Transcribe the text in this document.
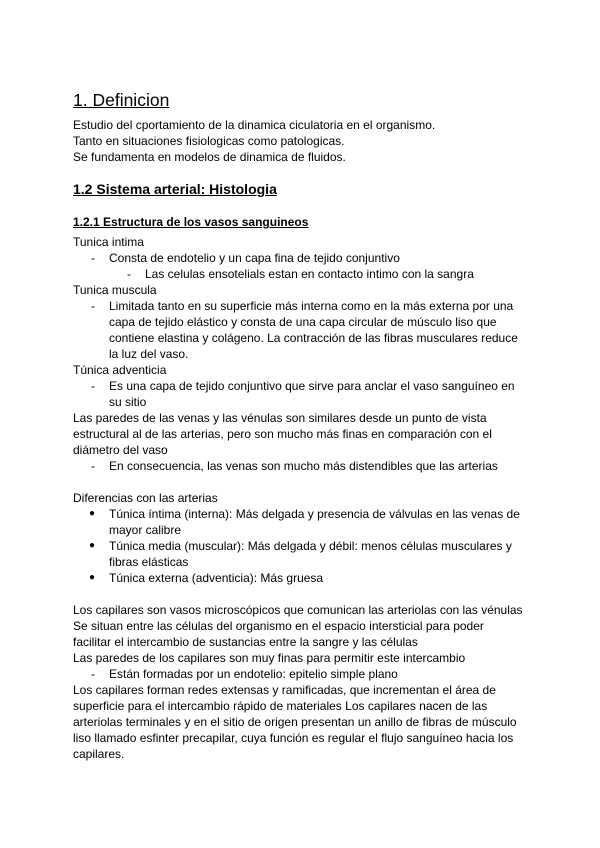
1. Definicion
Estudio del cportamiento de la dinamica ciculatoria en el organismo.
Tanto en situaciones fisiologicas como patologicas.
Se fundamenta en modelos de dinamica de fluidos.
1.2 Sistema arterial: Histologia
1.2.1 Estructura de los vasos sanguineos
Tunica intima
- Consta de endotelio y un capa fina de tejido conjuntivo
- Las celulas ensotelials estan en contacto intimo con la sangra
Tunica muscula
- Limitada tanto en su superficie más interna como en la más externa por una
capa de tejido elástico y consta de una capa circular de músculo liso que
contiene elastina y colágeno. La contracción de las fibras musculares reduce
la luz del vaso.
Túnica adventicia
- Es una capa de tejido conjuntivo que sirve para anclar el vaso sanguíneo en
su sitio
Las paredes de las venas y las vénulas son similares desde un punto de vista
estructural al de las arterias, pero son mucho más finas en comparación con el
diámetro del vaso
- En consecuencia, las venas son mucho más distendibles que las arterias
Diferencias con las arterias
● Túnica íntima (interna): Más delgada y presencia de válvulas en las venas de
mayor calibre
● Túnica media (muscular): Más delgada y débil: menos células musculares y
fibras elásticas
● Túnica externa (adventicia): Más gruesa
Los capilares son vasos microscópicos que comunican las arteriolas con las vénulas
Se situan entre las células del organismo en el espacio intersticial para poder
facilitar el intercambio de sustancias entre la sangre y las células
Las paredes de los capilares son muy finas para permitir este intercambio
- Están formadas por un endotelio: epitelio simple plano
Los capilares forman redes extensas y ramificadas, que incrementan el área de
superficie para el intercambio rápido de materiales Los capilares nacen de las
arteriolas terminales y en el sitio de origen presentan un anillo de fibras de músculo
liso llamado esfinter precapilar, cuya función es regular el flujo sanguíneo hacia los
capilares.
